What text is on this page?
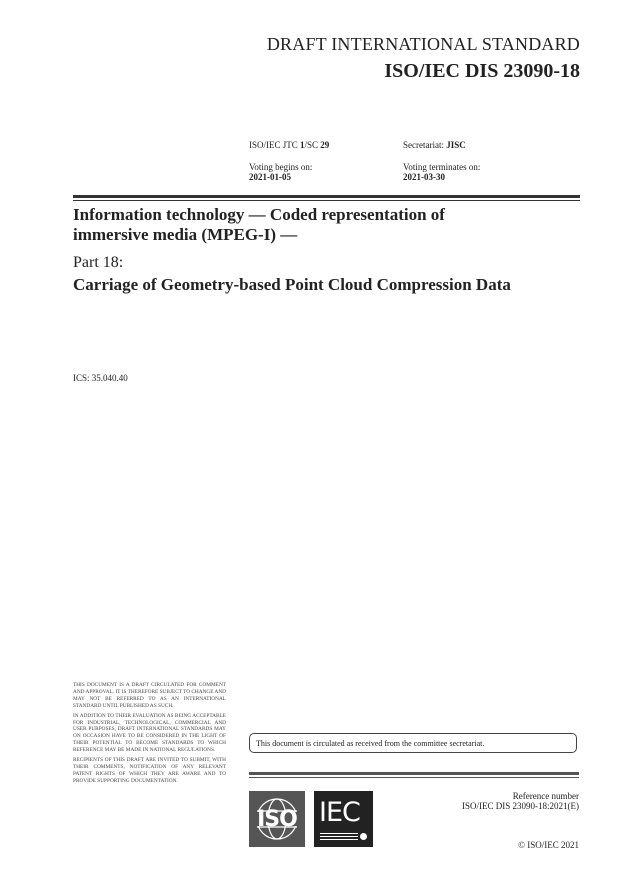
DRAFT INTERNATIONAL STANDARD
ISO/IEC DIS 23090-18
ISO/IEC JTC 1/SC 29	Secretariat: JISC
Voting begins on:
2021-01-05
Voting terminates on:
2021-03-30
Information technology — Coded representation of
immersive media (MPEG-I) —
Part 18:
Carriage of Geometry-based Point Cloud Compression Data
ICS: 35.040.40

THIS DOCUMENT IS A DRAFT CIRCULATED FOR COMMENT AND APPROVAL. IT IS THEREFORE SUBJECT TO CHANGE AND MAY NOT BE REFERRED TO AS AN INTERNATIONAL STANDARD UNTIL PUBLISHED AS SUCH.

IN ADDITION TO THEIR EVALUATION AS BEING ACCEPTABLE FOR INDUSTRIAL, TECHNOLOGICAL, COMMERCIAL AND USER PURPOSES, DRAFT INTERNATIONAL STANDARDS MAY ON OCCASION HAVE TO BE CONSIDERED IN THE LIGHT OF THEIR POTENTIAL TO BECOME STANDARDS TO WHICH REFERENCE MAY BE MADE IN NATIONAL REGULATIONS.

RECIPIENTS OF THIS DRAFT ARE INVITED TO SUBMIT, WITH THEIR COMMENTS, NOTIFICATION OF ANY RELEVANT PATENT RIGHTS OF WHICH THEY ARE AWARE AND TO PROVIDE SUPPORTING DOCUMENTATION.

This document is circulated as received from the committee secretariat.
ISO IEC
Reference number
ISO/IEC DIS 23090-18:2021(E)
© ISO/IEC 2021
